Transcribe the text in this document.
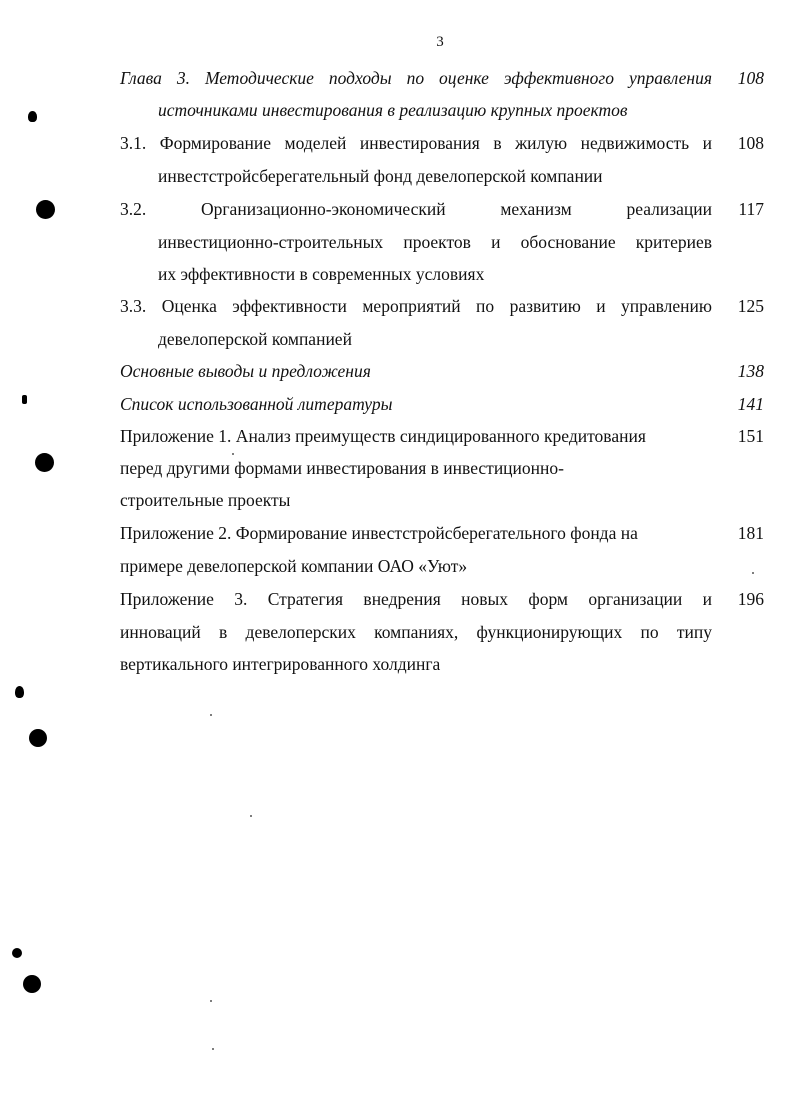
3
Глава 3. Методические подходы по оценке эффективного управления
источниками инвестирования в реализацию крупных проектов
108
3.1. Формирование моделей инвестирования в жилую недвижимость и
инвестстройсберегательный фонд девелоперской компании
108
3.2. Организационно-экономический механизм реализации
инвестиционно-строительных проектов и обоснование критериев
их эффективности в современных условиях
117
3.3. Оценка эффективности мероприятий по развитию и управлению
девелоперской компанией
125
Основные выводы и предложения	138
Список использованной литературы	141
Приложение 1. Анализ преимуществ синдицированного кредитования
перед другими формами инвестирования в инвестиционно-
строительные проекты
151
Приложение 2. Формирование инвестстройсберегательного фонда на
примере девелоперской компании ОАО «Уют»
181
Приложение 3. Стратегия внедрения новых форм организации и
инноваций в девелоперских компаниях, функционирующих по типу
вертикального интегрированного холдинга
196
